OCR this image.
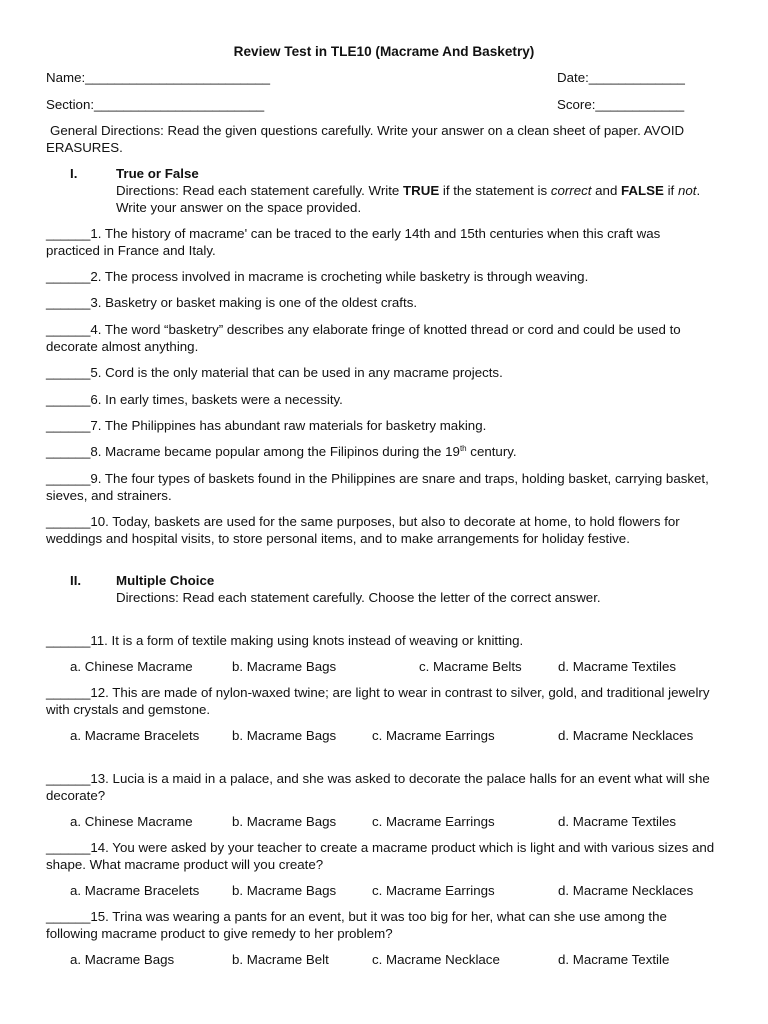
Review Test in TLE10 (Macrame And Basketry)
Name:_________________________	Date:_____________
Section:_______________________	Score:____________
General Directions: Read the given questions carefully. Write your answer on a clean sheet of paper. AVOID ERASURES.
I.	True or False
Directions: Read each statement carefully. Write TRUE if the statement is correct and FALSE if not. Write your answer on the space provided.
______1. The history of macrame' can be traced to the early 14th and 15th centuries when this craft was practiced in France and Italy.
______2. The process involved in macrame is crocheting while basketry is through weaving.
______3. Basketry or basket making is one of the oldest crafts.
______4. The word “basketry” describes any elaborate fringe of knotted thread or cord and could be used to decorate almost anything.
______5. Cord is the only material that can be used in any macrame projects.
______6. In early times, baskets were a necessity.
______7. The Philippines has abundant raw materials for basketry making.
______8. Macrame became popular among the Filipinos during the 19th century.
______9. The four types of baskets found in the Philippines are snare and traps, holding basket, carrying basket, sieves, and strainers.
______10. Today, baskets are used for the same purposes, but also to decorate at home, to hold flowers for weddings and hospital visits, to store personal items, and to make arrangements for holiday festive.
II.	Multiple Choice
Directions: Read each statement carefully. Choose the letter of the correct answer.
______11. It is a form of textile making using knots instead of weaving or knitting.
a. Chinese Macrame	b. Macrame Bags	c. Macrame Belts	d. Macrame Textiles
______12. This are made of nylon-waxed twine; are light to wear in contrast to silver, gold, and traditional jewelry with crystals and gemstone.
a. Macrame Bracelets b. Macrame Bags	c. Macrame Earrings	d. Macrame Necklaces
______13. Lucia is a maid in a palace, and she was asked to decorate the palace halls for an event what will she decorate?
a. Chinese Macrame	b. Macrame Bags	c. Macrame Earrings	d. Macrame Textiles
______14. You were asked by your teacher to create a macrame product which is light and with various sizes and shape. What macrame product will you create?
a. Macrame Bracelets b. Macrame Bags	c. Macrame Earrings	d. Macrame Necklaces
______15. Trina was wearing a pants for an event, but it was too big for her, what can she use among the following macrame product to give remedy to her problem?
a. Macrame Bags	b. Macrame Belt	c. Macrame Necklace	d. Macrame Textile
